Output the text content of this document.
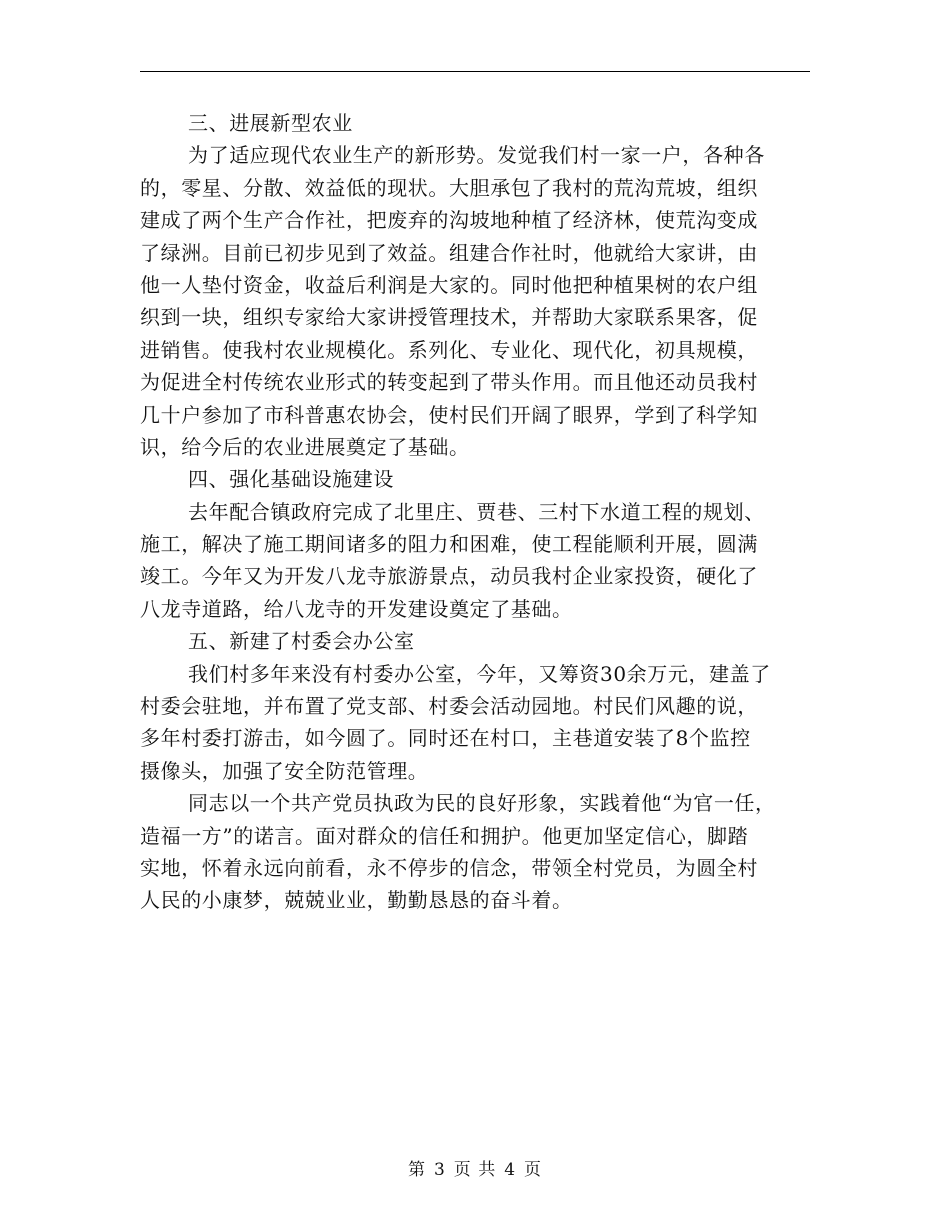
三、进展新型农业
为了适应现代农业生产的新形势。发觉我们村一家一户，各种各
的，零星、分散、效益低的现状。大胆承包了我村的荒沟荒坡，组织
建成了两个生产合作社，把废弃的沟坡地种植了经济林，使荒沟变成
了绿洲。目前已初步见到了效益。组建合作社时，他就给大家讲，由
他一人垫付资金，收益后利润是大家的。同时他把种植果树的农户组
织到一块，组织专家给大家讲授管理技术，并帮助大家联系果客，促
进销售。使我村农业规模化。系列化、专业化、现代化，初具规模，
为促进全村传统农业形式的转变起到了带头作用。而且他还动员我村
几十户参加了市科普惠农协会，使村民们开阔了眼界，学到了科学知
识，给今后的农业进展奠定了基础。
四、强化基础设施建设
去年配合镇政府完成了北里庄、贾巷、三村下水道工程的规划、
施工，解决了施工期间诸多的阻力和困难，使工程能顺利开展，圆满
竣工。今年又为开发八龙寺旅游景点，动员我村企业家投资，硬化了
八龙寺道路，给八龙寺的开发建设奠定了基础。
五、新建了村委会办公室
我们村多年来没有村委办公室，今年，又筹资30余万元，建盖了
村委会驻地，并布置了党支部、村委会活动园地。村民们风趣的说，
多年村委打游击，如今圆了。同时还在村口，主巷道安装了8个监控
摄像头，加强了安全防范管理。
同志以一个共产党员执政为民的良好形象，实践着他“为官一任，
造福一方”的诺言。面对群众的信任和拥护。他更加坚定信心，脚踏
实地，怀着永远向前看，永不停步的信念，带领全村党员，为圆全村
人民的小康梦，兢兢业业，勤勤恳恳的奋斗着。
第 3 页 共 4 页
